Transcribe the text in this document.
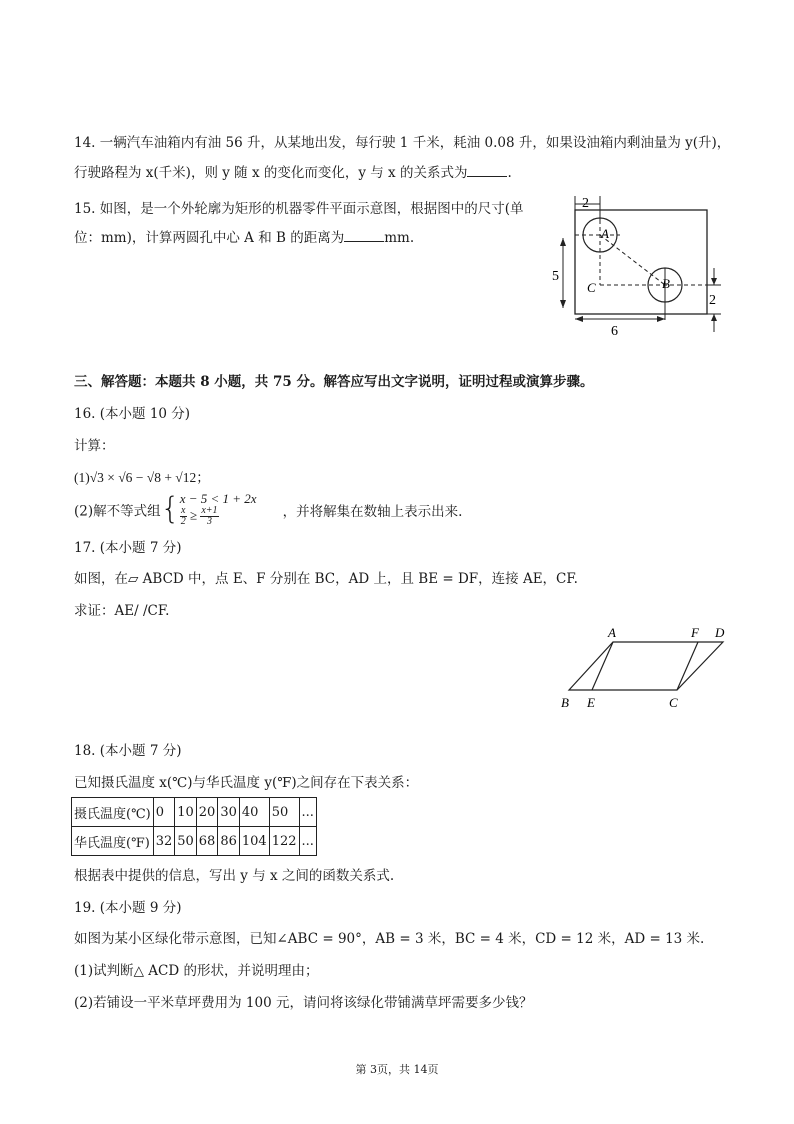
14. 一辆汽车油箱内有油 56 升，从某地出发，每行驶 1 千米，耗油 0.08 升，如果设油箱内剩油量为 y(升)，
行驶路程为 x(千米)，则 y 随 x 的变化而变化，y 与 x 的关系式为	.
15. 如图，是一个外轮廓为矩形的机器零件平面示意图，根据图中的尺寸(单
位：mm)，计算两圆孔中心 A 和 B 的距离为	mm.
2
A
B
C
5
2
6
三、解答题：本题共 8 小题，共 75 分。解答应写出文字说明，证明过程或演算步骤。
16. (本小题 10 分)
计算：
(1)√3 × √6 − √8 + √12；
(2)解不等式组{ x − 5 < 1 + 2x
$\frac{x}{2} \ge \frac{x+1}{3}$	，并将解集在数轴上表示出来.
17. (本小题 7 分)
如图，在▱ ABCD 中，点 E、F 分别在 BC，AD 上，且 BE = DF，连接 AE，CF.
求证：AE/ /CF.
A	F D
B E	C
18. (本小题 7 分)
已知摄氏温度 x(℃)与华氏温度 y(℉)之间存在下表关系：
摄氏温度(℃)	0	10	20	30	40	50	...
华氏温度(℉)	32	50	68	86	104	122	...
根据表中提供的信息，写出 y 与 x 之间的函数关系式.
19. (本小题 9 分)
如图为某小区绿化带示意图，已知∠ABC = 90°，AB = 3 米，BC = 4 米，CD = 12 米，AD = 13 米.
(1)试判断△ ACD 的形状，并说明理由；
(2)若铺设一平米草坪费用为 100 元，请问将该绿化带铺满草坪需要多少钱？
第 3页，共 14页
